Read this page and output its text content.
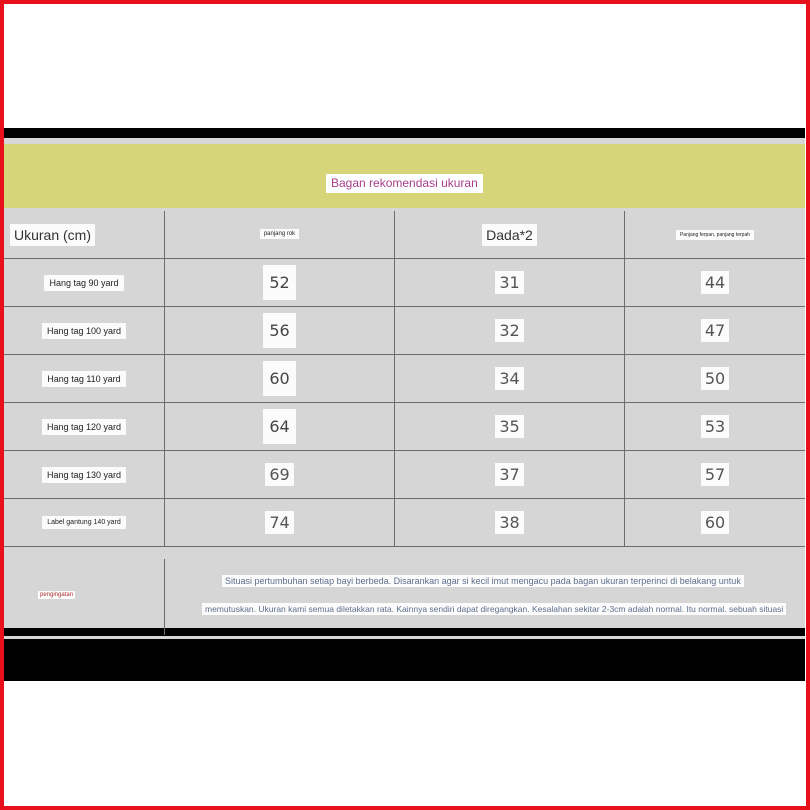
Bagan rekomendasi ukuran
Ukuran (cm)	panjang rok	Dada*2	Panjang ferpan, panjang terpah
Hang tag 90 yard	52	31	44
Hang tag 100 yard	56	32	47
Hang tag 110 yard	60	34	50
Hang tag 120 yard	64	35	53
Hang tag 130 yard	69	37	57
Label gantung 140 yard	74	38	60
pengingatan
Situasi pertumbuhan setiap bayi berbeda. Disarankan agar si kecil imut mengacu pada bagan ukuran terperinci di belakang untuk
memutuskan. Ukuran kami semua diletakkan rata. Kainnya sendiri dapat diregangkan. Kesalahan sekitar 2-3cm adalah normal. Itu normal. sebuah situasi
